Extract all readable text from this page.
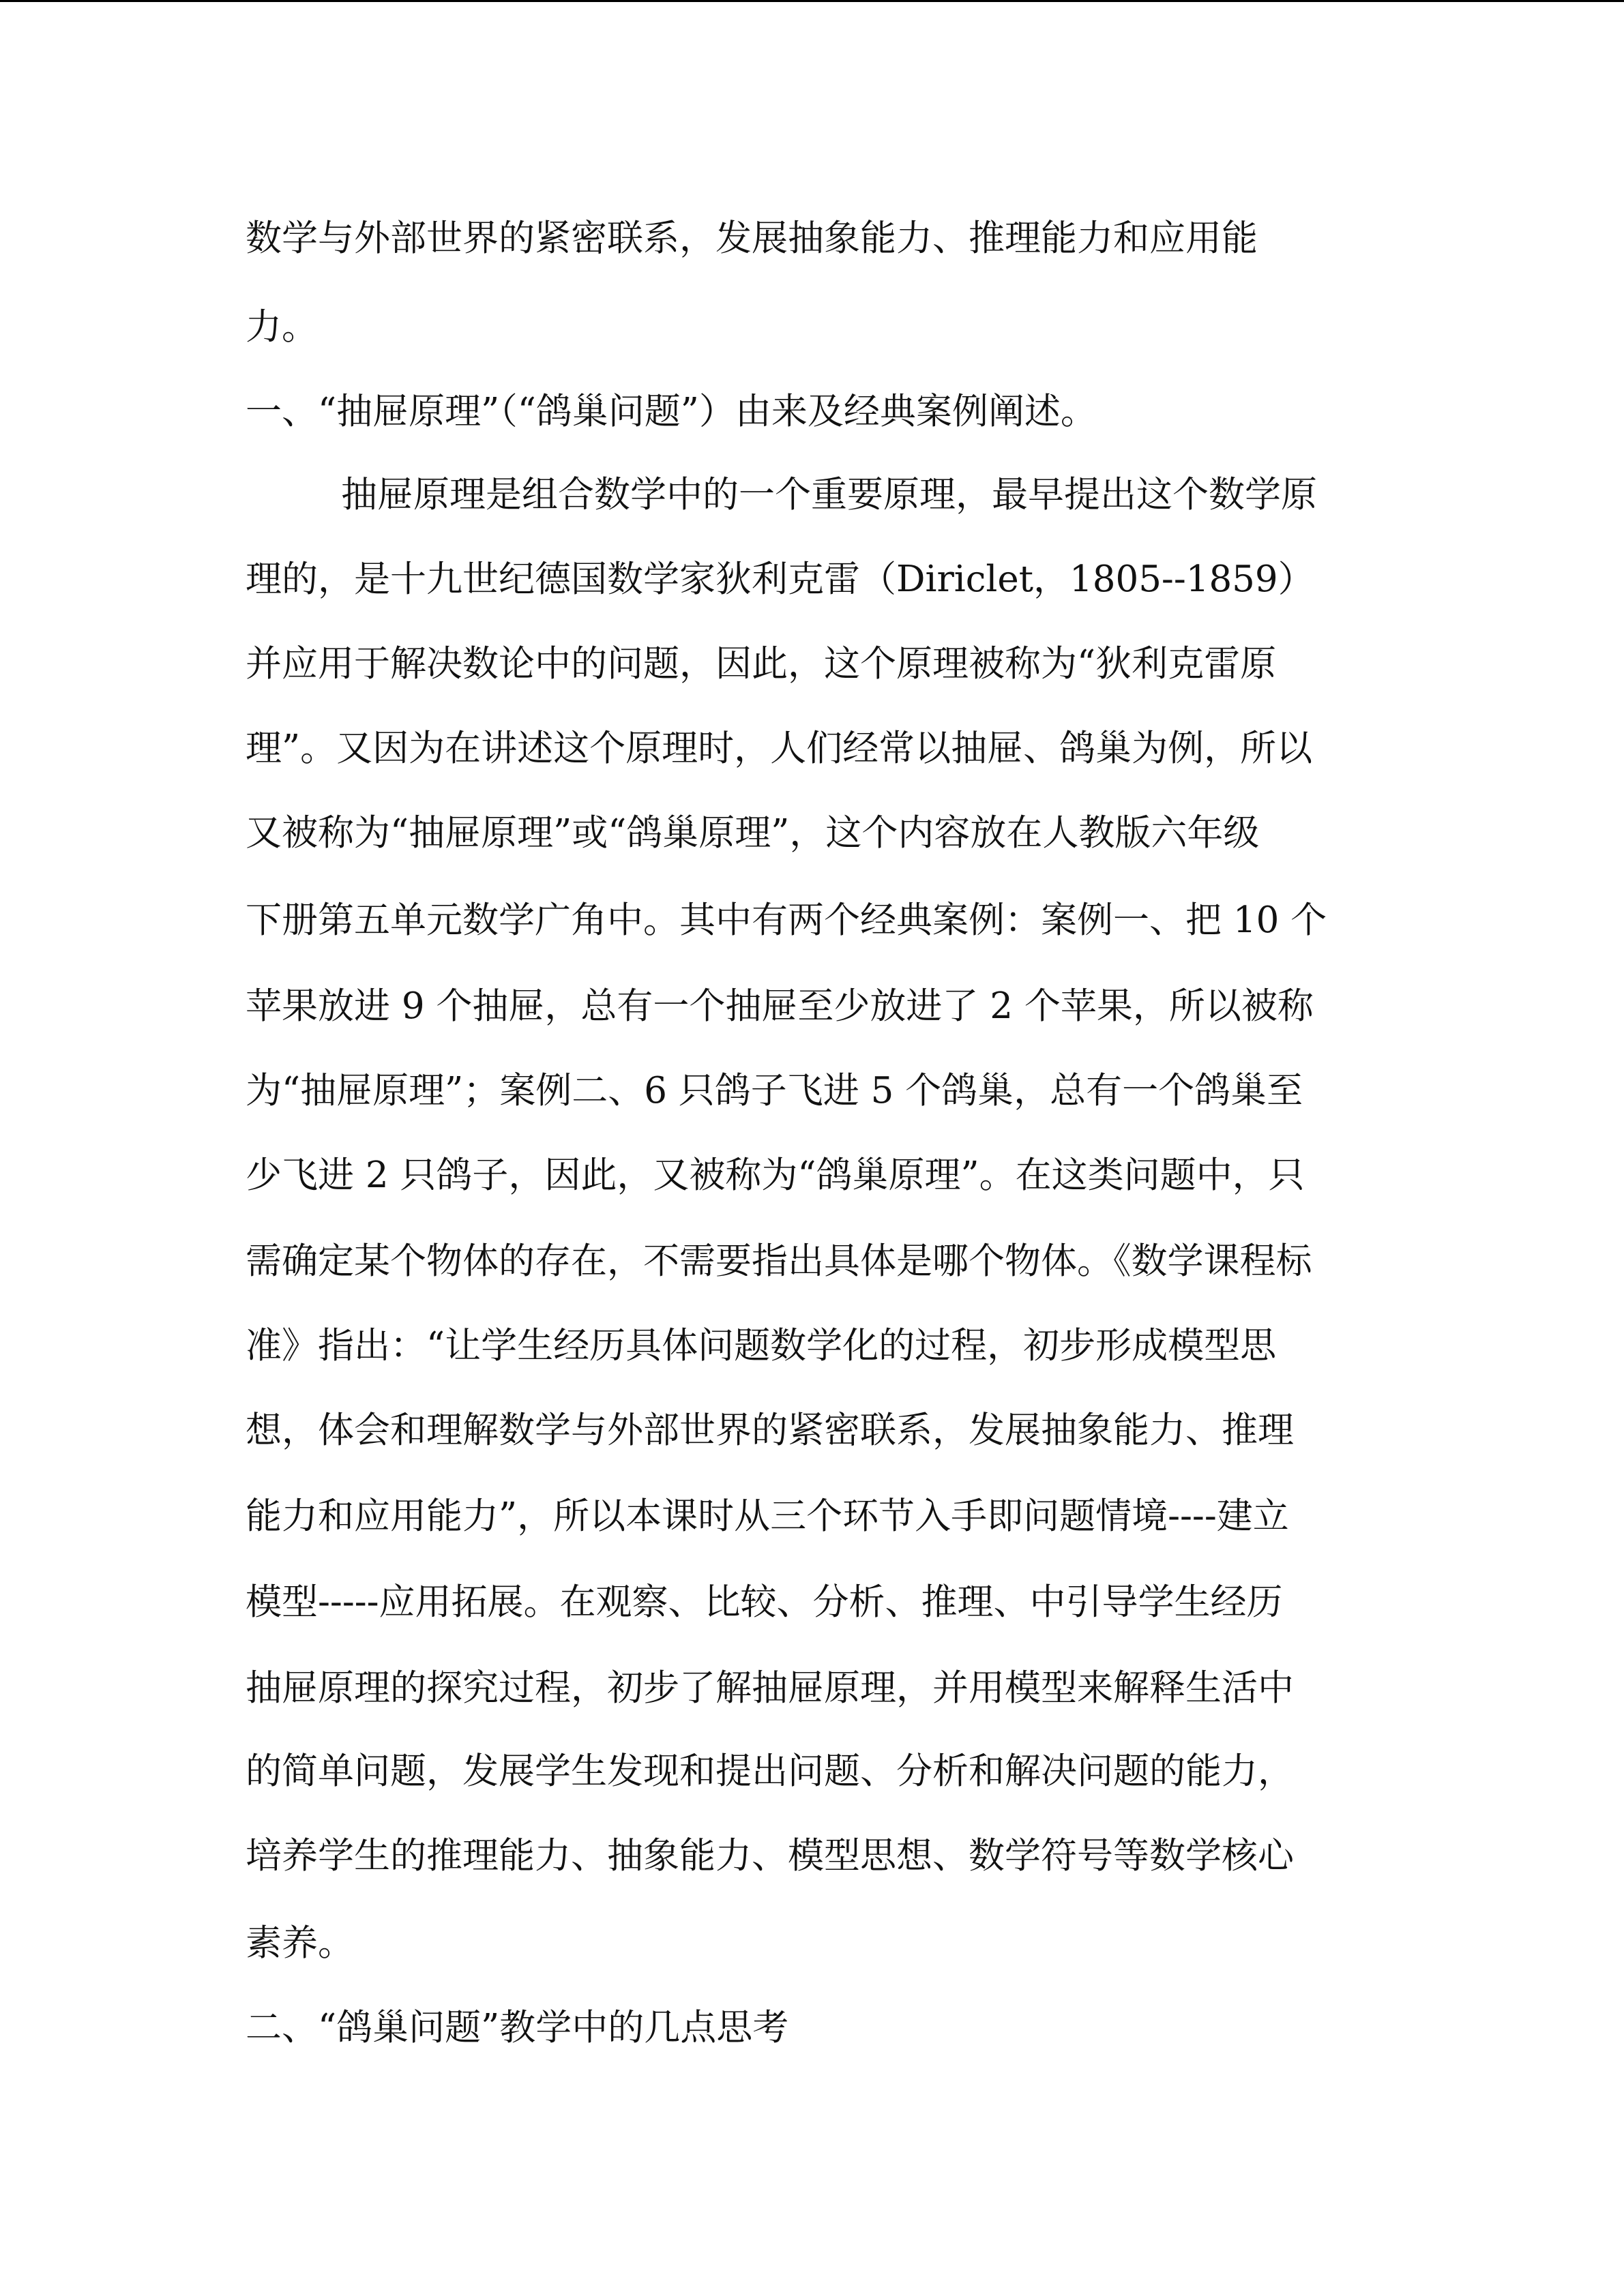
数学与外部世界的紧密联系，发展抽象能力、推理能力和应用能
力。
一、“抽屉原理”（“鸽巢问题”）由来及经典案例阐述。
抽屉原理是组合数学中的一个重要原理，最早提出这个数学原
理的，是十九世纪德国数学家狄利克雷（Diriclet，1805--1859）
并应用于解决数论中的问题，因此，这个原理被称为“狄利克雷原
理”。又因为在讲述这个原理时，人们经常以抽屉、鸽巢为例，所以
又被称为“抽屉原理”或“鸽巢原理”，这个内容放在人教版六年级
下册第五单元数学广角中。其中有两个经典案例：案例一、把 10 个
苹果放进 9 个抽屉，总有一个抽屉至少放进了 2 个苹果，所以被称
为“抽屉原理”；案例二、6 只鸽子飞进 5 个鸽巢，总有一个鸽巢至
少飞进 2 只鸽子，因此，又被称为“鸽巢原理”。在这类问题中，只
需确定某个物体的存在，不需要指出具体是哪个物体。《数学课程标
准》指出：“让学生经历具体问题数学化的过程，初步形成模型思
想，体会和理解数学与外部世界的紧密联系，发展抽象能力、推理
能力和应用能力”，所以本课时从三个环节入手即问题情境----建立
模型-----应用拓展。在观察、比较、分析、推理、中引导学生经历
抽屉原理的探究过程，初步了解抽屉原理，并用模型来解释生活中
的简单问题，发展学生发现和提出问题、分析和解决问题的能力，
培养学生的推理能力、抽象能力、模型思想、数学符号等数学核心
素养。
二、“鸽巢问题”教学中的几点思考
